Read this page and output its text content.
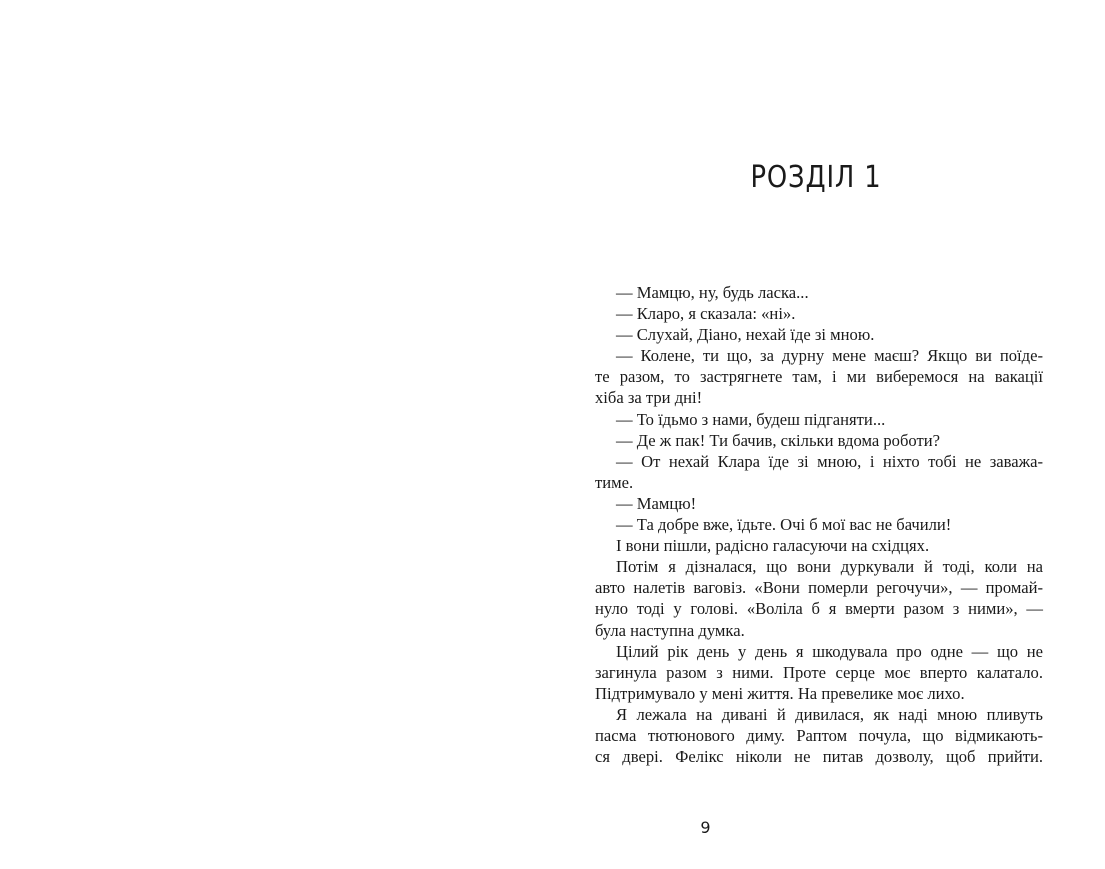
РОЗДІЛ 1
— Мамцю, ну, будь ласка...
— Кларо, я сказала: «ні».
— Слухай, Діано, нехай їде зі мною.
— Колене, ти що, за дурну мене маєш? Якщо ви поїде-
те разом, то застрягнете там, і ми виберемося на вакації
хіба за три дні!
— То їдьмо з нами, будеш підганяти...
— Де ж пак! Ти бачив, скільки вдома роботи?
— От нехай Клара їде зі мною, і ніхто тобі не заважа-
тиме.
— Мамцю!
— Та добре вже, їдьте. Очі б мої вас не бачили!
І вони пішли, радісно галасуючи на східцях.
Потім я дізналася, що вони дуркували й тоді, коли на
авто налетів ваговіз. «Вони померли регочучи», — промай-
нуло тоді у голові. «Воліла б я вмерти разом з ними», —
була наступна думка.
Цілий рік день у день я шкодувала про одне — що не
загинула разом з ними. Проте серце моє вперто калатало.
Підтримувало у мені життя. На превелике моє лихо.
Я лежала на дивані й дивилася, як наді мною пливуть
пасма тютюнового диму. Раптом почула, що відмикають-
ся двері. Фелікс ніколи не питав дозволу, щоб прийти.
9
